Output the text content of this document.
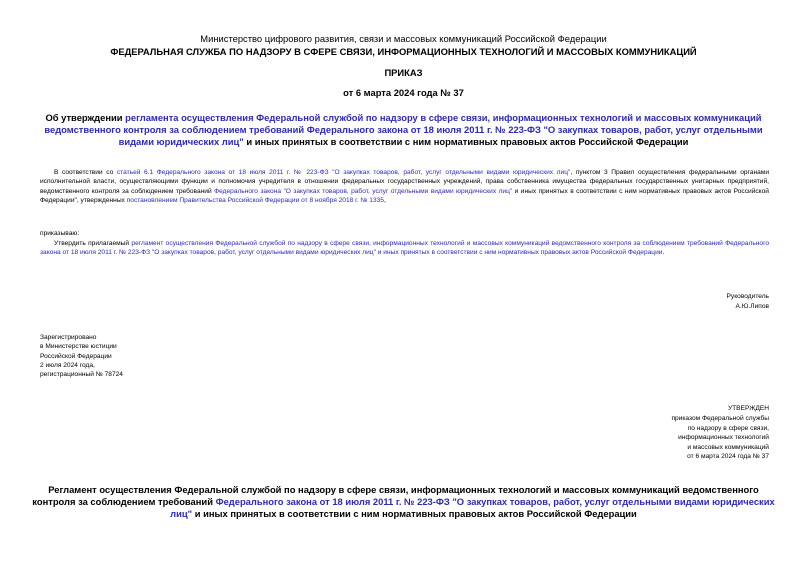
Министерство цифрового развития, связи и массовых коммуникаций Российской Федерации
ФЕДЕРАЛЬНАЯ СЛУЖБА ПО НАДЗОРУ В СФЕРЕ СВЯЗИ, ИНФОРМАЦИОННЫХ ТЕХНОЛОГИЙ И МАССОВЫХ КОММУНИКАЦИЙ
ПРИКАЗ
от 6 марта 2024 года № 37
Об утверждении регламента осуществления Федеральной службой по надзору в сфере связи, информационных технологий и массовых коммуникаций ведомственного контроля за соблюдением требований Федерального закона от 18 июля 2011 г. № 223-ФЗ "О закупках товаров, работ, услуг отдельными видами юридических лиц" и иных принятых в соответствии с ним нормативных правовых актов Российской Федерации
В соответствии со статьей 6.1 Федерального закона от 18 июля 2011 г. № 223-ФЗ "О закупках товаров, работ, услуг отдельными видами юридических лиц", пунктом 3 Правил осуществления федеральными органами исполнительной власти, осуществляющими функции и полномочия учредителя в отношении федеральных государственных учреждений, права собственника имущества федеральных государственных унитарных предприятий, ведомственного контроля за соблюдением требований Федерального закона "О закупках товаров, работ, услуг отдельными видами юридических лиц" и иных принятых в соответствии с ним нормативных правовых актов Российской Федерации", утвержденных постановлением Правительства Российской Федерации от 8 ноября 2018 г. № 1335,
приказываю:
Утвердить прилагаемый регламент осуществления Федеральной службой по надзору в сфере связи, информационных технологий и массовых коммуникаций ведомственного контроля за соблюдением требований Федерального закона от 18 июля 2011 г. № 223-ФЗ "О закупках товаров, работ, услуг отдельными видами юридических лиц" и иных принятых в соответствии с ним нормативных правовых актов Российской Федерации.
Руководитель
А.Ю.Липов
Зарегистрировано
в Министерстве юстиции
Российской Федерации
2 июля 2024 года,
регистрационный № 78724
УТВЕРЖДЕН
приказом Федеральной службы
по надзору в сфере связи,
информационных технологий
и массовых коммуникаций
от 6 марта 2024 года № 37
Регламент осуществления Федеральной службой по надзору в сфере связи, информационных технологий и массовых коммуникаций ведомственного контроля за соблюдением требований Федерального закона от 18 июля 2011 г. № 223-ФЗ "О закупках товаров, работ, услуг отдельными видами юридических лиц" и иных принятых в соответствии с ним нормативных правовых актов Российской Федерации
